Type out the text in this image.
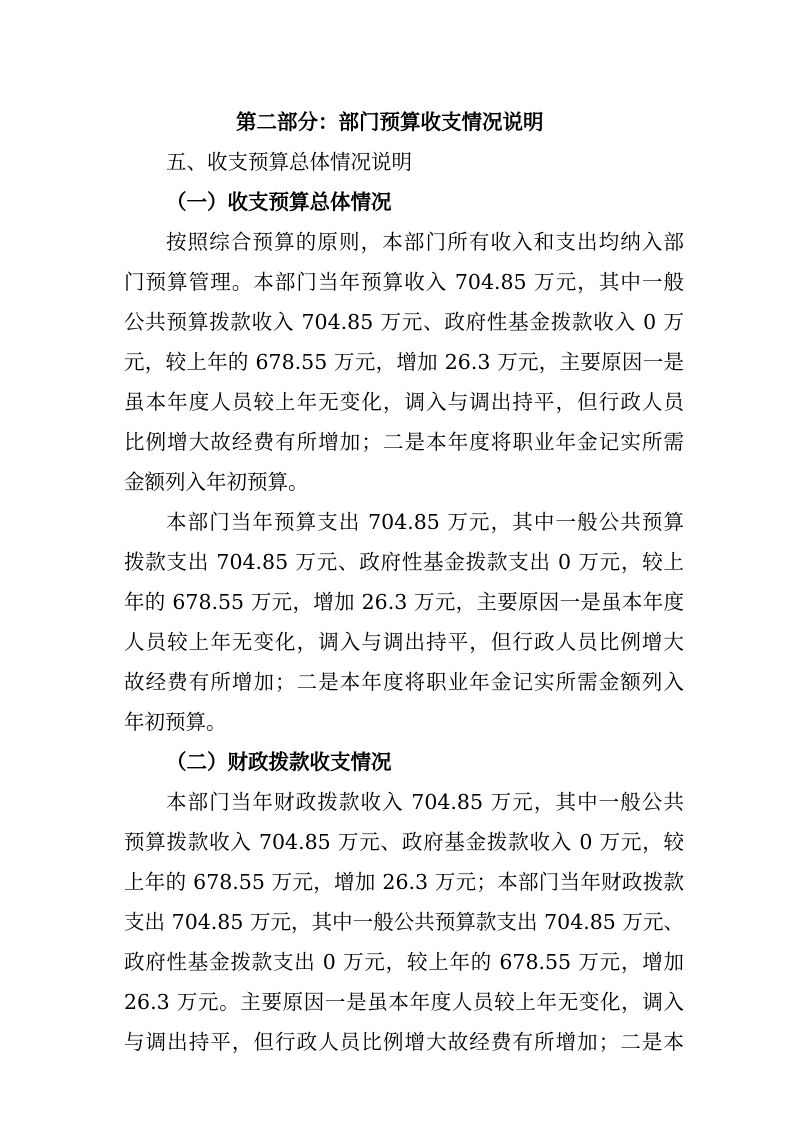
第二部分：部门预算收支情况说明
五、收支预算总体情况说明
（一）收支预算总体情况
按照综合预算的原则，本部门所有收入和支出均纳入部
门预算管理。本部门当年预算收入 704.85 万元，其中一般
公共预算拨款收入 704.85 万元、政府性基金拨款收入 0 万
元，较上年的 678.55 万元，增加 26.3 万元，主要原因一是
虽本年度人员较上年无变化，调入与调出持平，但行政人员
比例增大故经费有所增加；二是本年度将职业年金记实所需
金额列入年初预算。
本部门当年预算支出 704.85 万元，其中一般公共预算
拨款支出 704.85 万元、政府性基金拨款支出 0 万元，较上
年的 678.55 万元，增加 26.3 万元，主要原因一是虽本年度
人员较上年无变化，调入与调出持平，但行政人员比例增大
故经费有所增加；二是本年度将职业年金记实所需金额列入
年初预算。
（二）财政拨款收支情况
本部门当年财政拨款收入 704.85 万元，其中一般公共
预算拨款收入 704.85 万元、政府基金拨款收入 0 万元，较
上年的 678.55 万元，增加 26.3 万元；本部门当年财政拨款
支出 704.85 万元，其中一般公共预算款支出 704.85 万元、
政府性基金拨款支出 0 万元，较上年的 678.55 万元，增加
26.3 万元。主要原因一是虽本年度人员较上年无变化，调入
与调出持平，但行政人员比例增大故经费有所增加；二是本
